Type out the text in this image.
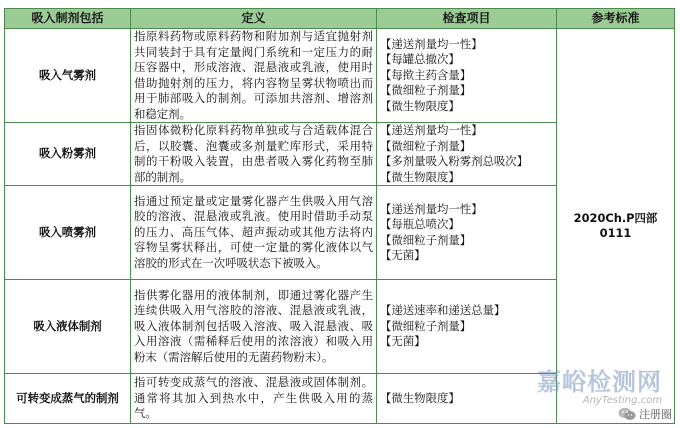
吸入制剂包括	定义	检查项目	参考标准
吸入气雾剂	指原料药物或原料药物和附加剂与适宜抛射剂共同装封于具有定量阀门系统和一定压力的耐压容器中，形成溶液、混悬液或乳液，使用时借助抛射剂的压力，将内容物呈雾状物喷出而用于肺部吸入的制剂。可添加共溶剂、增溶剂和稳定剂。	【递送剂量均一性】
【每罐总撤次】
【每揿主药含量】
【微细粒子剂量】
【微生物限度】	2020Ch.P四部0111
吸入粉雾剂	指固体微粉化原料药物单独或与合适载体混合后，以胶囊、泡囊或多剂量贮库形式，采用特制的干粉吸入装置，由患者吸入雾化药物至肺部的制剂。	【递送剂量均一性】
【微细粒子剂量】
【多剂量吸入粉雾剂总吸次】
【微生物限度】	

吸入喷雾剂	指通过预定量或定量雾化器产生供吸入用气溶胶的溶液、混悬液或乳液。使用时借助手动泵的压力、高压气体、超声振动或其他方法将内容物呈雾状释出，可使一定量的雾化液体以气溶胶的形式在一次呼吸状态下被吸入。	【递送剂量均一性】
【每瓶总喷次】
【微细粒子剂量】
【无菌】	

吸入液体制剂	指供雾化器用的液体制剂，即通过雾化器产生连续供吸入用气溶胶的溶液、混悬液或乳液，吸入液体制剂包括吸入溶液、吸入混悬液、吸入用溶液（需稀释后使用的浓溶液）和吸入用粉末（需溶解后使用的无菌药物粉末）。	【递送速率和递送总量】
【微细粒子剂量】
【无菌】	

可转变成蒸气的制剂	指可转变成蒸气的溶液、混悬液或固体制剂。通常将其加入到热水中，产生供吸入用的蒸气。	【微生物限度】	
嘉峪检测网
AnyTesting.com
注册圈
